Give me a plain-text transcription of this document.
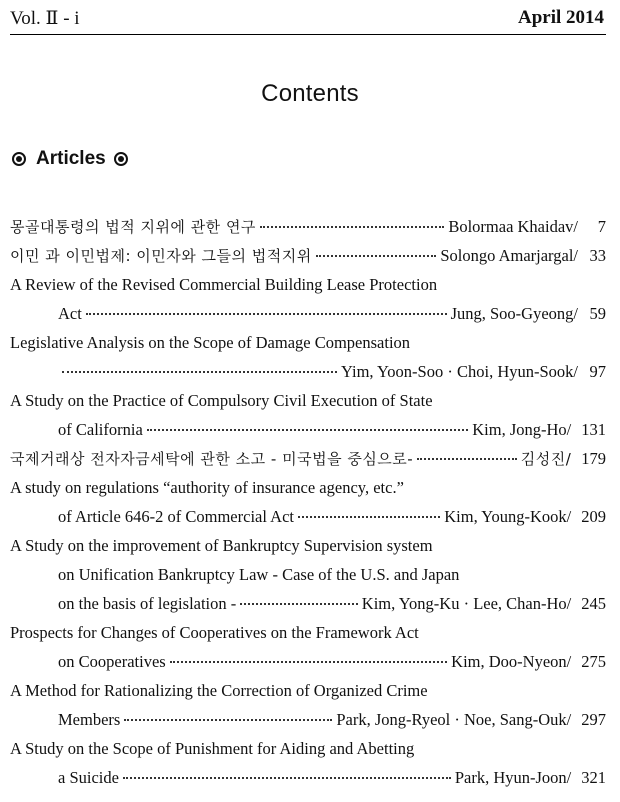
Vol. Ⅱ - i	April 2014
Contents
Articles
몽골대통령의 법적 지위에 관한 연구	Bolormaa Khaidav/	7
이민 과 이민법제: 이민자와 그들의 법적지위	Solongo Amarjargal/ 33
A Review of the Revised Commercial Building Lease Protection
Act	Jung, Soo-Gyeong/ 59
Legislative Analysis on the Scope of Damage Compensation
Yim, Yoon-Soo · Choi, Hyun-Sook/ 97
A Study on the Practice of Compulsory Civil Execution of State
of California	Kim, Jong-Ho/ 131
국제거래상 전자자금세탁에 관한 소고 - 미국법을 중심으로-	김성진/ 179
A study on regulations “authority of insurance agency, etc.”
of Article 646-2 of Commercial Act	Kim, Young-Kook/ 209
A Study on the improvement of Bankruptcy Supervision system
on Unification Bankruptcy Law - Case of the U.S. and Japan
on the basis of legislation -	Kim, Yong-Ku · Lee, Chan-Ho/ 245
Prospects for Changes of Cooperatives on the Framework Act
on Cooperatives	Kim, Doo-Nyeon/ 275
A Method for Rationalizing the Correction of Organized Crime
Members	Park, Jong-Ryeol · Noe, Sang-Ouk/ 297
A Study on the Scope of Punishment for Aiding and Abetting
a Suicide	Park, Hyun-Joon/ 321
